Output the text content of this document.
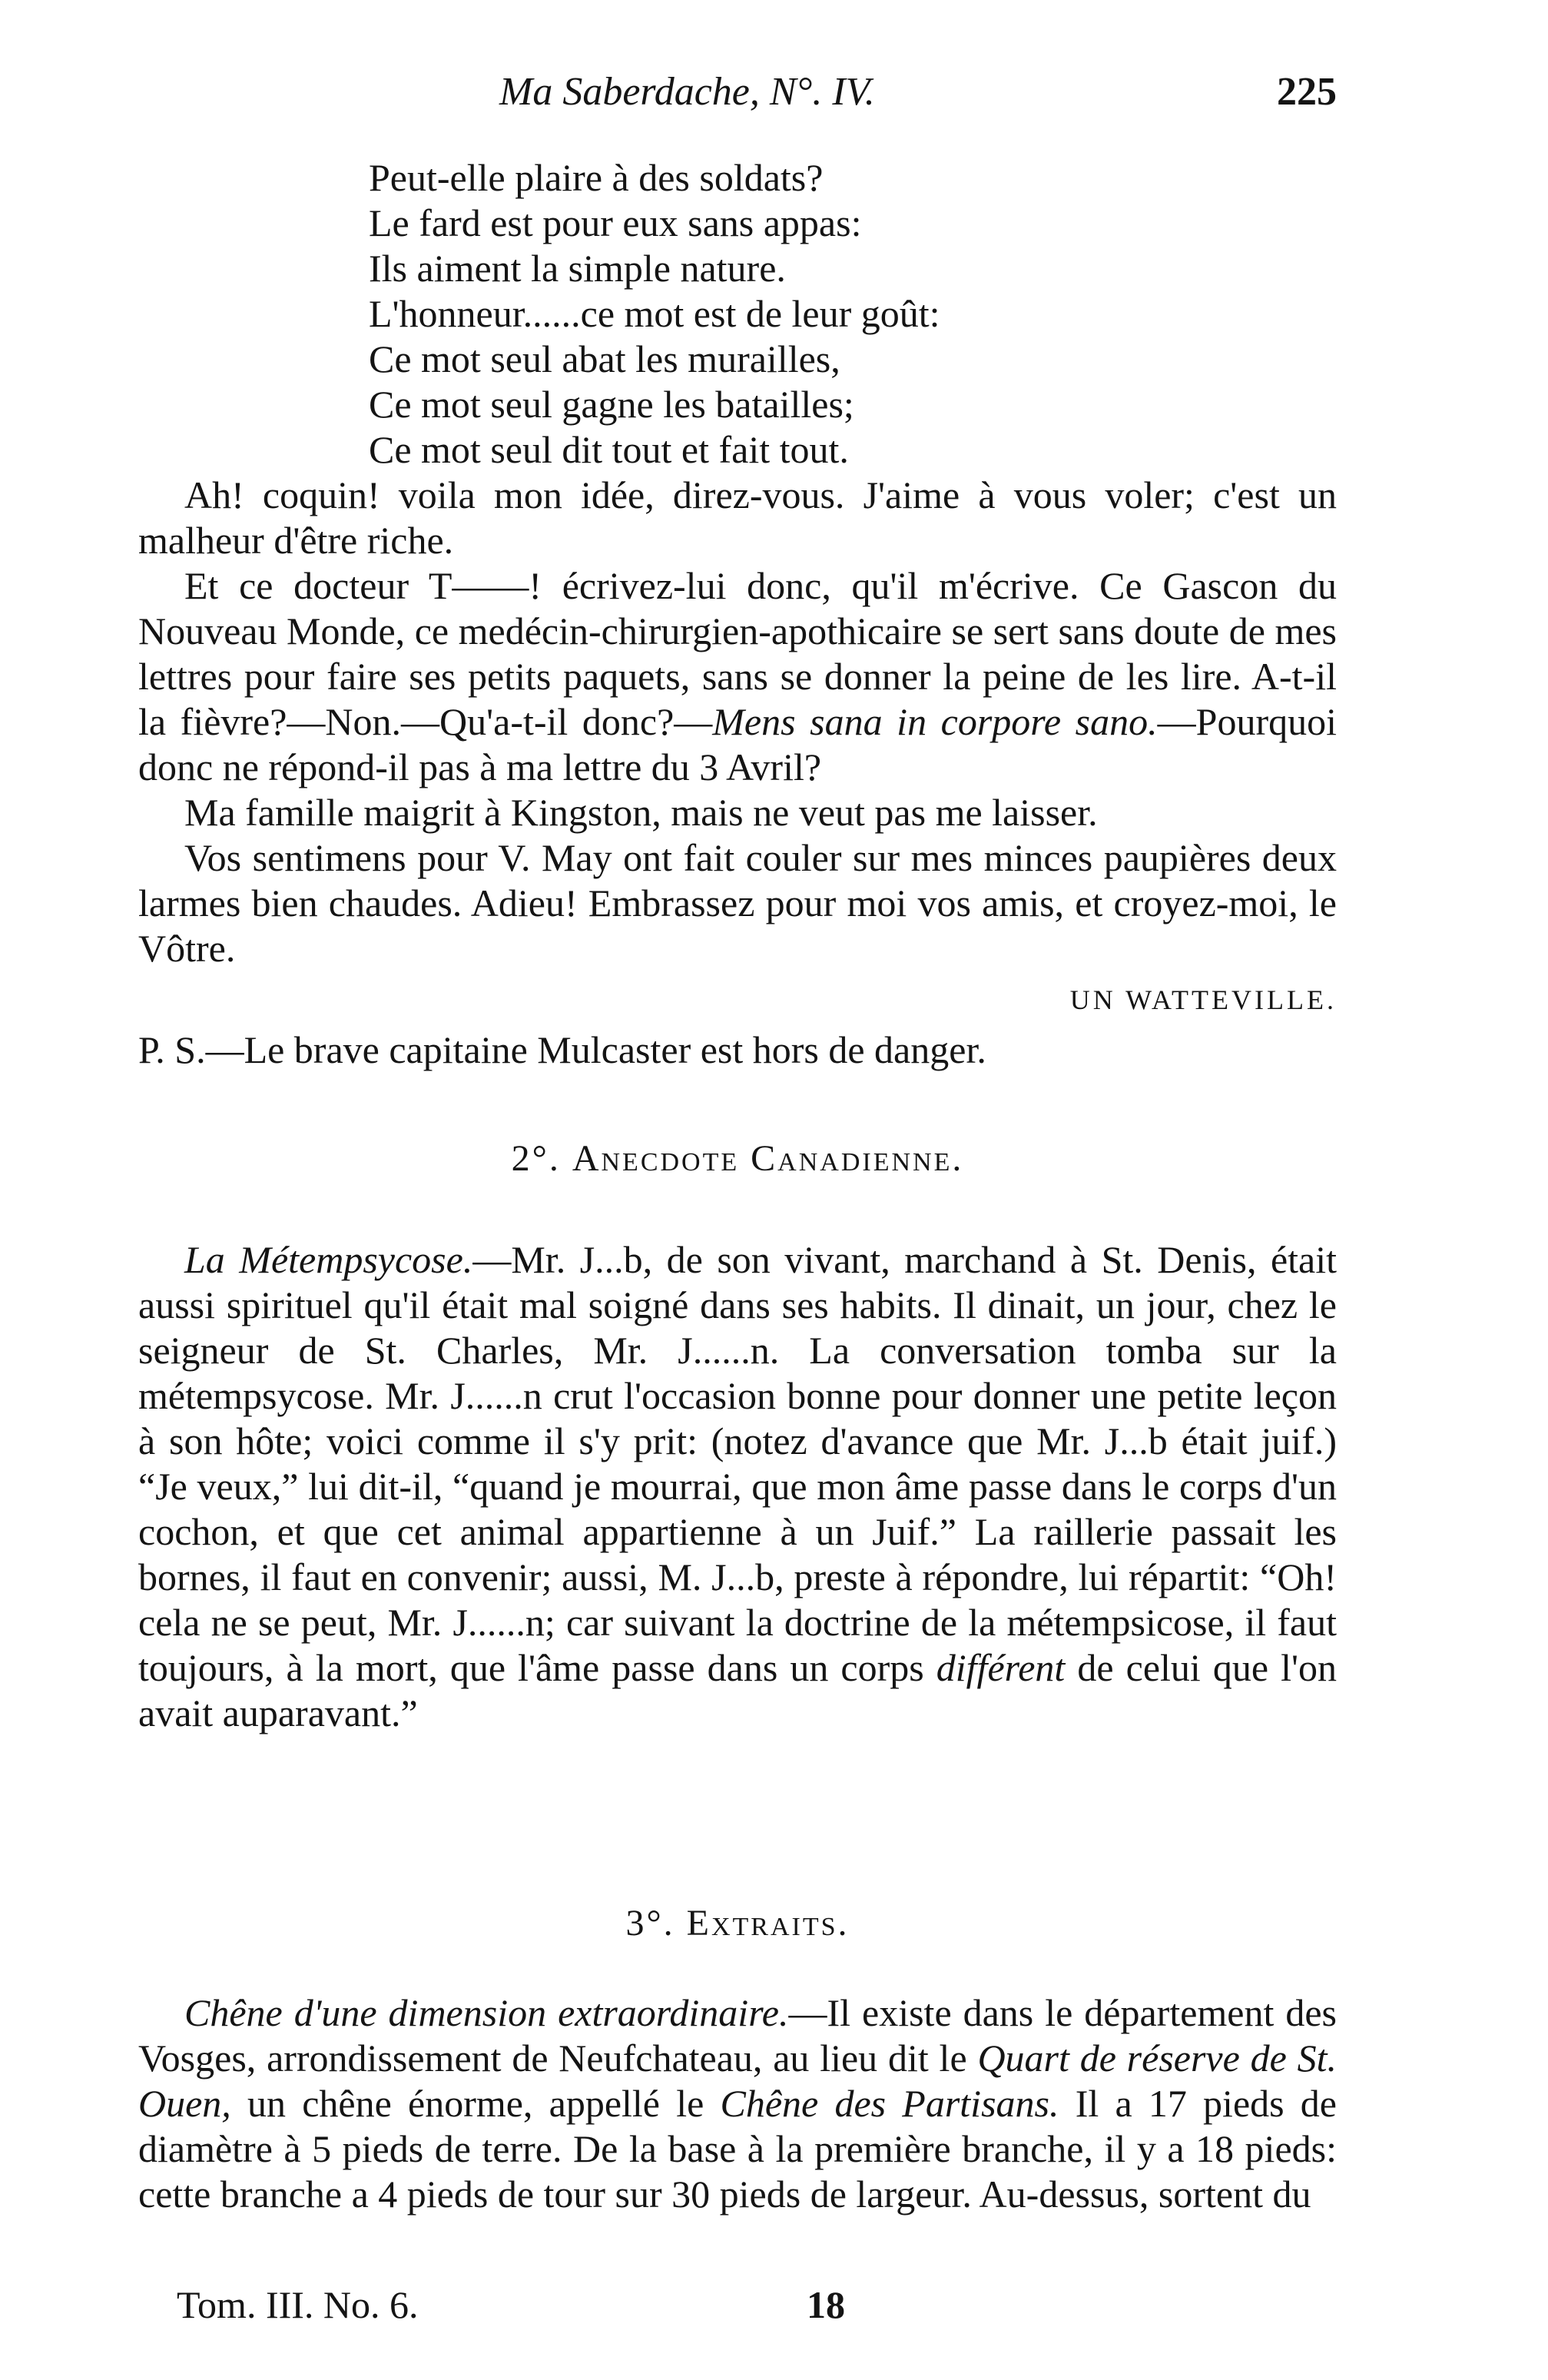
Ma Saberdache, N°. IV.	225
Peut-elle plaire à des soldats?
Le fard est pour eux sans appas:
Ils aiment la simple nature.
L'honneur......ce mot est de leur goût:
Ce mot seul abat les murailles,
Ce mot seul gagne les batailles;
Ce mot seul dit tout et fait tout.

Ah! coquin! voila mon idée, direz-vous. J'aime à vous voler; c'est un malheur d'être riche.

Et ce docteur T——! écrivez-lui donc, qu'il m'écrive. Ce Gascon du Nouveau Monde, ce medécin-chirurgien-apothicaire se sert sans doute de mes lettres pour faire ses petits paquets, sans se donner la peine de les lire. A-t-il la fièvre?—Non.—Qu'a-t-il donc?—Mens sana in corpore sano.—Pourquoi donc ne répond-il pas à ma lettre du 3 Avril?

Ma famille maigrit à Kingston, mais ne veut pas me laisser.

Vos sentimens pour V. May ont fait couler sur mes minces paupières deux larmes bien chaudes. Adieu! Embrassez pour moi vos amis, et croyez-moi, le Vôtre.

UN WATTEVILLE.

P. S.—Le brave capitaine Mulcaster est hors de danger.

2°. Anecdote Canadienne.

La Métempsycose.—Mr. J...b, de son vivant, marchand à St. Denis, était aussi spirituel qu'il était mal soigné dans ses habits. Il dinait, un jour, chez le seigneur de St. Charles, Mr. J......n. La conversation tomba sur la métempsycose. Mr. J......n crut l'occasion bonne pour donner une petite leçon à son hôte; voici comme il s'y prit: (notez d'avance que Mr. J...b était juif.) “Je veux,” lui dit-il, “quand je mourrai, que mon âme passe dans le corps d'un cochon, et que cet animal appartienne à un Juif.” La raillerie passait les bornes, il faut en convenir; aussi, M. J...b, preste à répondre, lui répartit: “Oh! cela ne se peut, Mr. J......n; car suivant la doctrine de la métempsicose, il faut toujours, à la mort, que l'âme passe dans un corps différent de celui que l'on avait auparavant.”

3°. Extraits.

Chêne d'une dimension extraordinaire.—Il existe dans le département des Vosges, arrondissement de Neufchateau, au lieu dit le Quart de réserve de St. Ouen, un chêne énorme, appellé le Chêne des Partisans. Il a 17 pieds de diamètre à 5 pieds de terre. De la base à la première branche, il y a 18 pieds: cette branche a 4 pieds de tour sur 30 pieds de largeur. Au-dessus, sortent du

Tom. III. No. 6.	18
